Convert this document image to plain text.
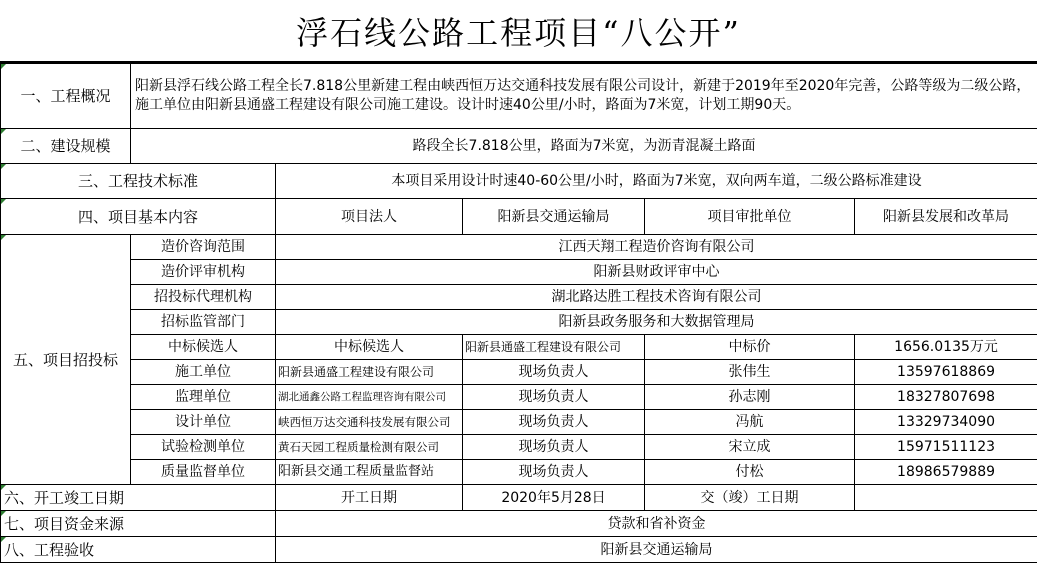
浮石线公路工程项目“八公开”
一、工程概况	阳新县浮石线公路工程全长7.818公里新建工程由峡西恒万达交通科技发展有限公司设计，新建于2019年至2020年完善，公路等级为二级公路，施工单位由阳新县通盛工程建设有限公司施工建设。设计时速40公里/小时，路面为7米宽，计划工期90天。				
二、建设规模	路段全长7.818公里，路面为7米宽，为沥青混凝土路面				
三、工程技术标准		本项目采用设计时速40-60公里/小时，路面为7米宽，双向两车道，二级公路标准建设			
四、项目基本内容		项目法人	阳新县交通运输局	项目审批单位	阳新县发展和改革局
五、项目招投标	造价咨询范围	江西天翔工程造价咨询有限公司			
	造价评审机构	阳新县财政评审中心			
	招投标代理机构	湖北路达胜工程技术咨询有限公司			
	招标监管部门	阳新县政务服务和大数据管理局			
	中标候选人	中标候选人	阳新县通盛工程建设有限公司	中标价	1656.0135万元
	施工单位	阳新县通盛工程建设有限公司	现场负责人	张伟生	13597618869
	监理单位	湖北通鑫公路工程监理咨询有限公司	现场负责人	孙志刚	18327807698
	设计单位	峡西恒万达交通科技发展有限公司	现场负责人	冯航	13329734090
	试验检测单位	黄石天园工程质量检测有限公司	现场负责人	宋立成	15971511123
	质量监督单位	阳新县交通工程质量监督站	现场负责人	付松	18986579889
六、开工竣工日期		开工日期	2020年5月28日	交（竣）工日期	
七、项目资金来源		贷款和省补资金			
八、工程验收		阳新县交通运输局			
